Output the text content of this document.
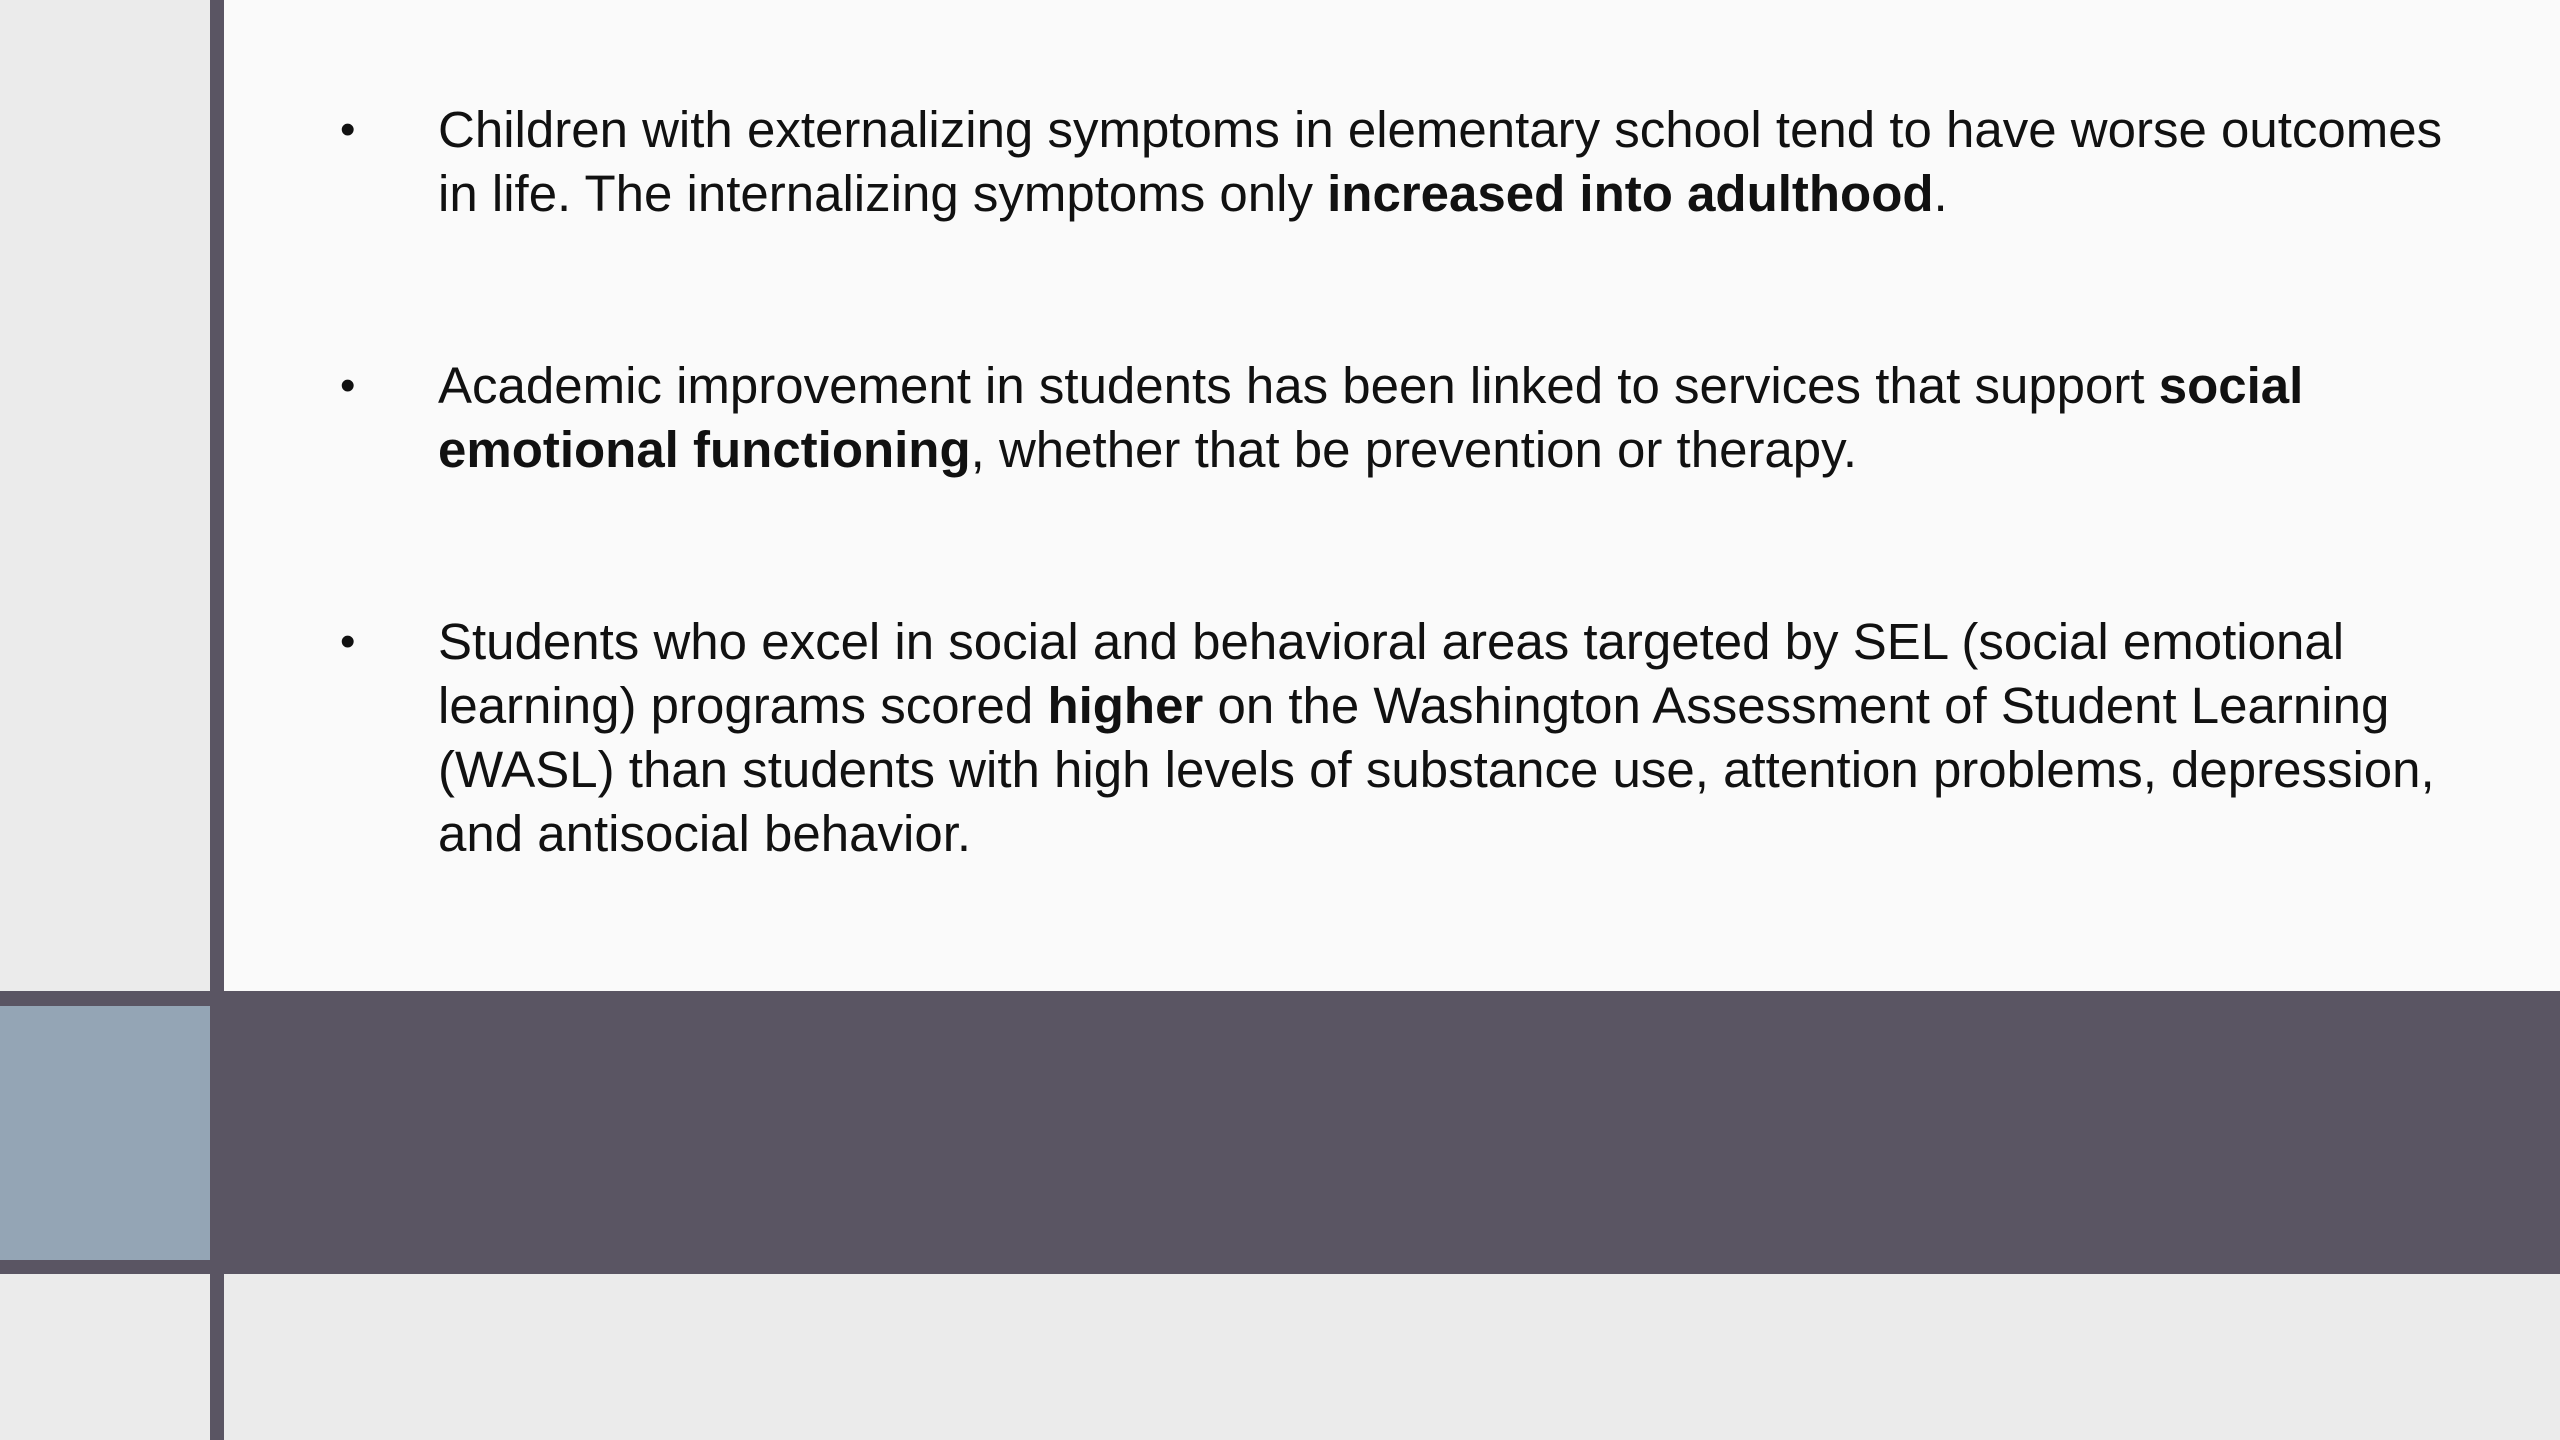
• Children with externalizing symptoms in elementary school tend to have worse outcomes in life. The internalizing symptoms only increased into adulthood.
• Academic improvement in students has been linked to services that support social emotional functioning, whether that be prevention or therapy.
• Students who excel in social and behavioral areas targeted by SEL (social emotional learning) programs scored higher on the Washington Assessment of Student Learning (WASL) than students with high levels of substance use, attention problems, depression, and antisocial behavior.
